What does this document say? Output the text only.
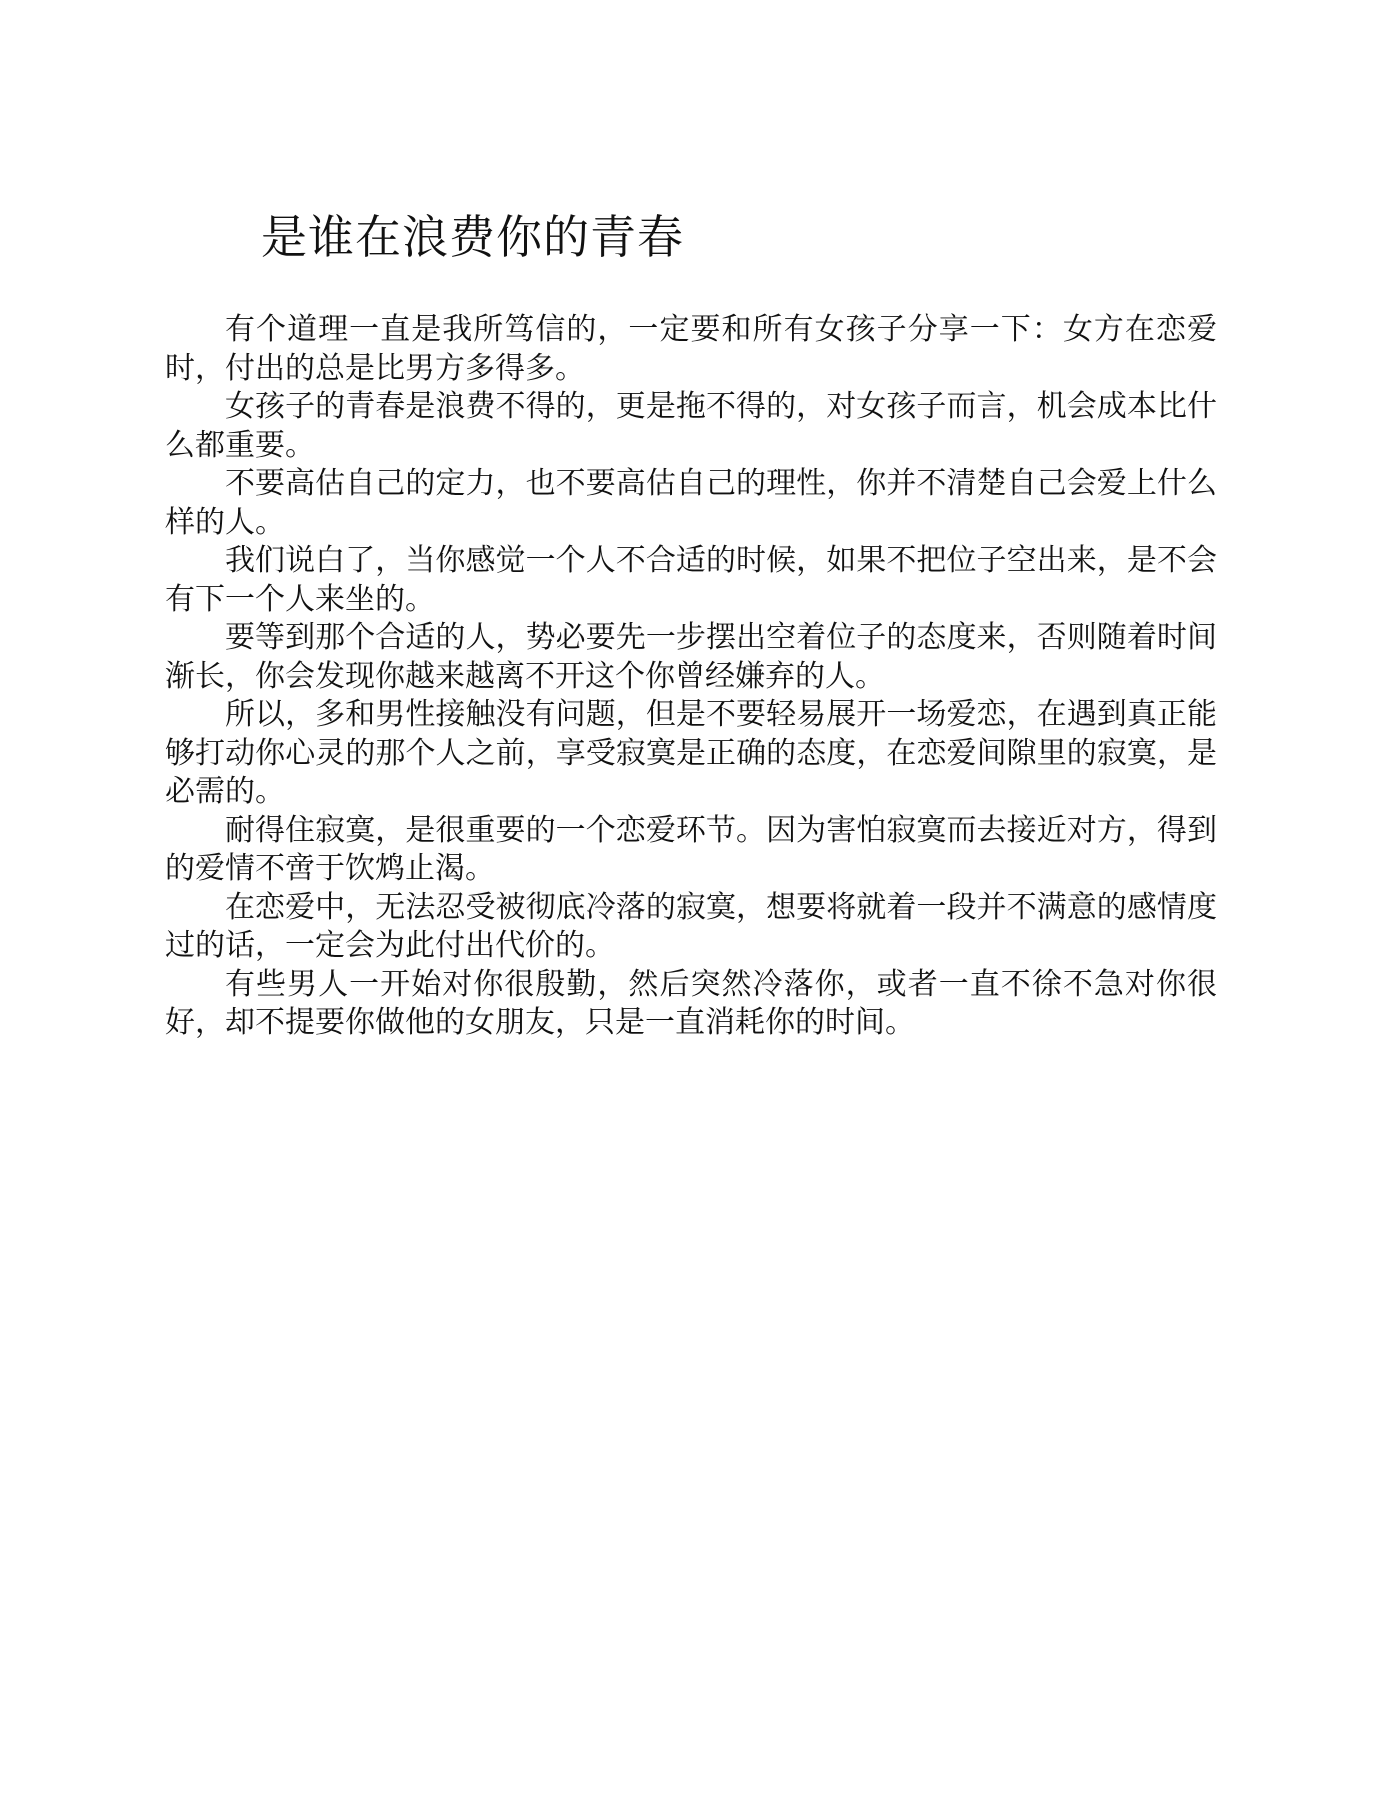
是谁在浪费你的青春

有个道理一直是我所笃信的，一定要和所有女孩子分享一下：女方在恋爱时，付出的总是比男方多得多。

女孩子的青春是浪费不得的，更是拖不得的，对女孩子而言，机会成本比什么都重要。

不要高估自己的定力，也不要高估自己的理性，你并不清楚自己会爱上什么样的人。

我们说白了，当你感觉一个人不合适的时候，如果不把位子空出来，是不会有下一个人来坐的。

要等到那个合适的人，势必要先一步摆出空着位子的态度来，否则随着时间渐长，你会发现你越来越离不开这个你曾经嫌弃的人。

所以，多和男性接触没有问题，但是不要轻易展开一场爱恋，在遇到真正能够打动你心灵的那个人之前，享受寂寞是正确的态度，在恋爱间隙里的寂寞，是必需的。

耐得住寂寞，是很重要的一个恋爱环节。因为害怕寂寞而去接近对方，得到的爱情不啻于饮鸩止渴。

在恋爱中，无法忍受被彻底冷落的寂寞，想要将就着一段并不满意的感情度过的话，一定会为此付出代价的。

有些男人一开始对你很殷勤，然后突然冷落你，或者一直不徐不急对你很好，却不提要你做他的女朋友，只是一直消耗你的时间。
